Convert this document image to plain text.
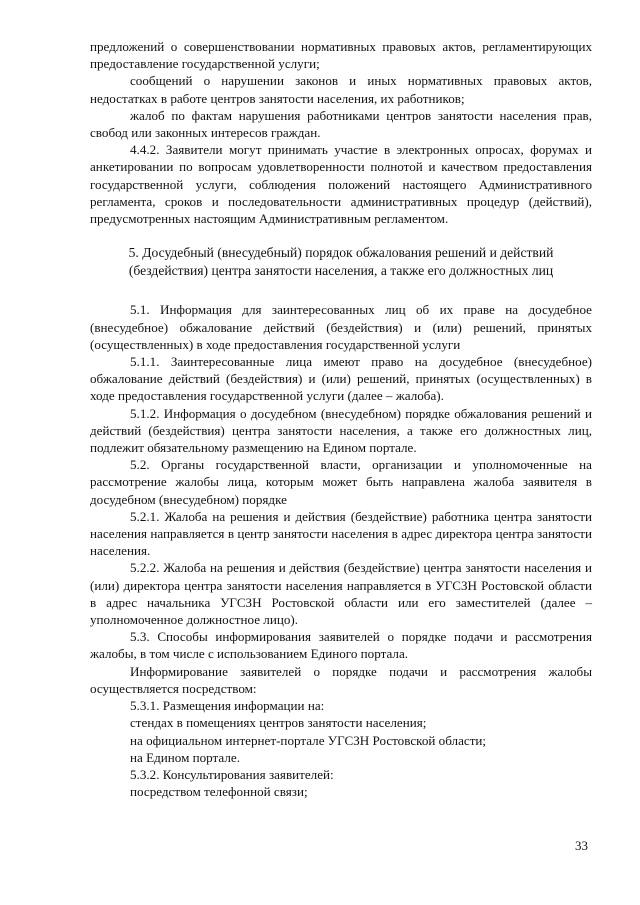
предложений о совершенствовании нормативных правовых актов, регламентирующих предоставление государственной услуги;

сообщений о нарушении законов и иных нормативных правовых актов, недостатках в работе центров занятости населения, их работников;

жалоб по фактам нарушения работниками центров занятости населения прав, свобод или законных интересов граждан.

4.4.2. Заявители могут принимать участие в электронных опросах, форумах и анкетировании по вопросам удовлетворенности полнотой и качеством предоставления государственной услуги, соблюдения положений настоящего Административного регламента, сроков и последовательности административных процедур (действий), предусмотренных настоящим Административным регламентом.

5. Досудебный (внесудебный) порядок обжалования решений и действий

(бездействия) центра занятости населения, а также его должностных лиц

5.1. Информация для заинтересованных лиц об их праве на досудебное (внесудебное) обжалование действий (бездействия) и (или) решений, принятых (осуществленных) в ходе предоставления государственной услуги

5.1.1. Заинтересованные лица имеют право на досудебное (внесудебное) обжалование действий (бездействия) и (или) решений, принятых (осуществленных) в ходе предоставления государственной услуги (далее – жалоба).

5.1.2. Информация о досудебном (внесудебном) порядке обжалования решений и действий (бездействия) центра занятости населения, а также его должностных лиц, подлежит обязательному размещению на Едином портале.

5.2. Органы государственной власти, организации и уполномоченные на рассмотрение жалобы лица, которым может быть направлена жалоба заявителя в досудебном (внесудебном) порядке

5.2.1. Жалоба на решения и действия (бездействие) работника центра занятости населения направляется в центр занятости населения в адрес директора центра занятости населения.

5.2.2. Жалоба на решения и действия (бездействие) центра занятости населения и (или) директора центра занятости населения направляется в УГСЗН Ростовской области в адрес начальника УГСЗН Ростовской области или его заместителей (далее – уполномоченное должностное лицо).

5.3. Способы информирования заявителей о порядке подачи и рассмотрения жалобы, в том числе с использованием Единого портала.

Информирование заявителей о порядке подачи и рассмотрения жалобы осуществляется посредством:

5.3.1. Размещения информации на:

стендах в помещениях центров занятости населения;

на официальном интернет-портале УГСЗН Ростовской области;

на Едином портале.

5.3.2. Консультирования заявителей:

посредством телефонной связи;

33
